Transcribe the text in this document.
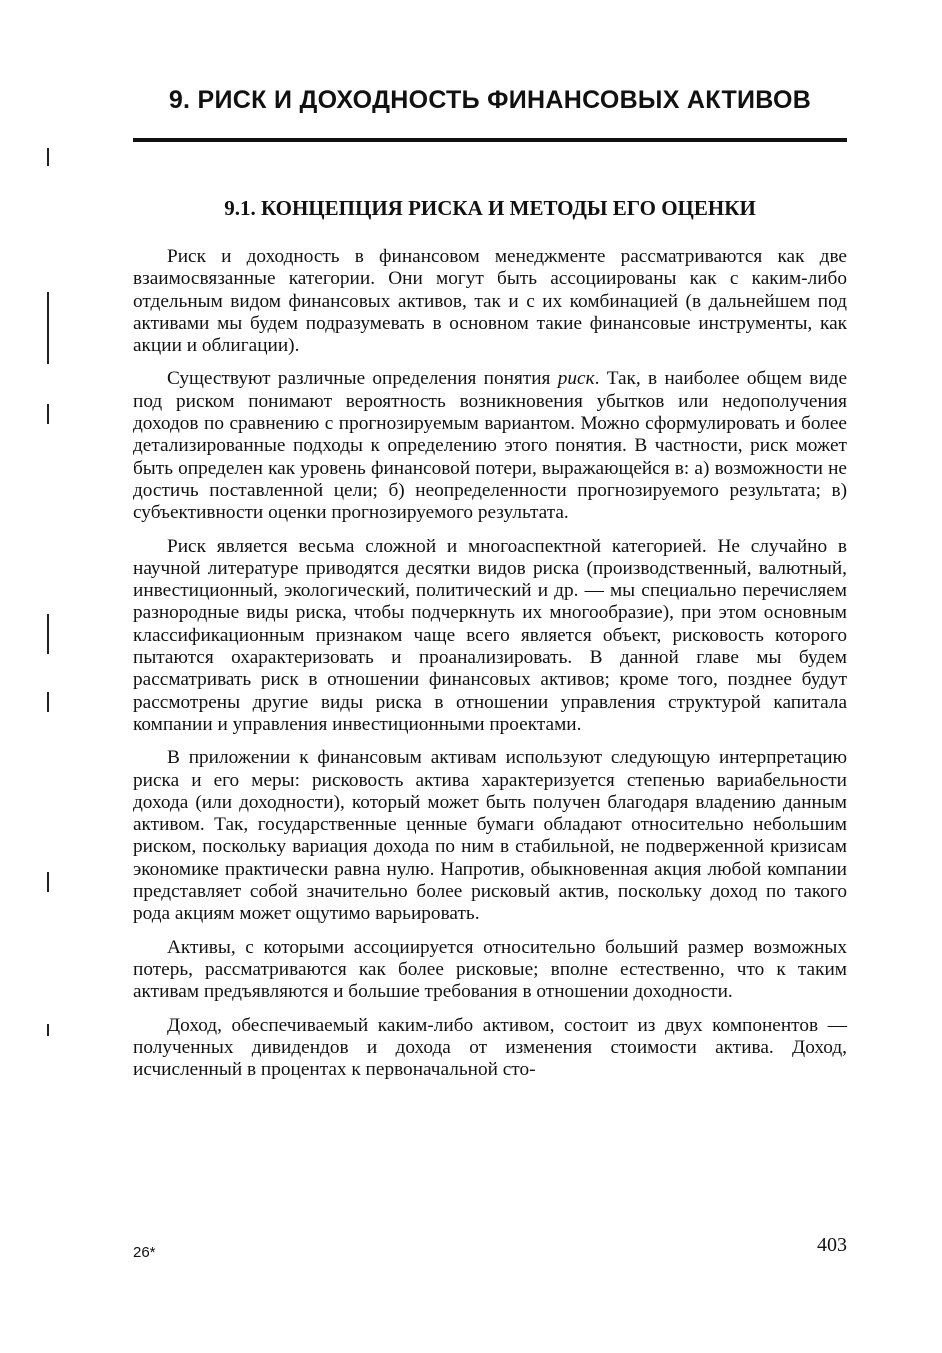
9. РИСК И ДОХОДНОСТЬ ФИНАНСОВЫХ АКТИВОВ
9.1. КОНЦЕПЦИЯ РИСКА И МЕТОДЫ ЕГО ОЦЕНКИ

Риск и доходность в финансовом менеджменте рассматриваются как две взаимосвязанные категории. Они могут быть ассоциированы как с каким-либо отдельным видом финансовых активов, так и с их комбинацией (в дальнейшем под активами мы будем подразумевать в основном такие финансовые инструменты, как акции и облигации).

Существуют различные определения понятия риск. Так, в наиболее общем виде под риском понимают вероятность возникновения убытков или недополучения доходов по сравнению с прогнозируемым вариантом. Можно сформулировать и более детализированные подходы к определению этого понятия. В частности, риск может быть определен как уровень финансовой потери, выражающейся в: а) возможности не достичь поставленной цели; б) неопределенности прогнозируемого результата; в) субъективности оценки прогнозируемого результата.

Риск является весьма сложной и многоаспектной категорией. Не случайно в научной литературе приводятся десятки видов риска (производственный, валютный, инвестиционный, экологический, политический и др. — мы специально перечисляем разнородные виды риска, чтобы подчеркнуть их многообразие), при этом основным классификационным признаком чаще всего является объект, рисковость которого пытаются охарактеризовать и проанализировать. В данной главе мы будем рассматривать риск в отношении финансовых активов; кроме того, позднее будут рассмотрены другие виды риска в отношении управления структурой капитала компании и управления инвестиционными проектами.

В приложении к финансовым активам используют следующую интерпретацию риска и его меры: рисковость актива характеризуется степенью вариабельности дохода (или доходности), который может быть получен благодаря владению данным активом. Так, государственные ценные бумаги обладают относительно небольшим риском, поскольку вариация дохода по ним в стабильной, не подверженной кризисам экономике практически равна нулю. Напротив, обыкновенная акция любой компании представляет собой значительно более рисковый актив, поскольку доход по такого рода акциям может ощутимо варьировать.

Активы, с которыми ассоциируется относительно больший размер возможных потерь, рассматриваются как более рисковые; вполне естественно, что к таким активам предъявляются и большие требования в отношении доходности.

Доход, обеспечиваемый каким-либо активом, состоит из двух компонентов — полученных дивидендов и дохода от изменения стоимости актива. Доход, исчисленный в процентах к первоначальной сто-

26*	403
